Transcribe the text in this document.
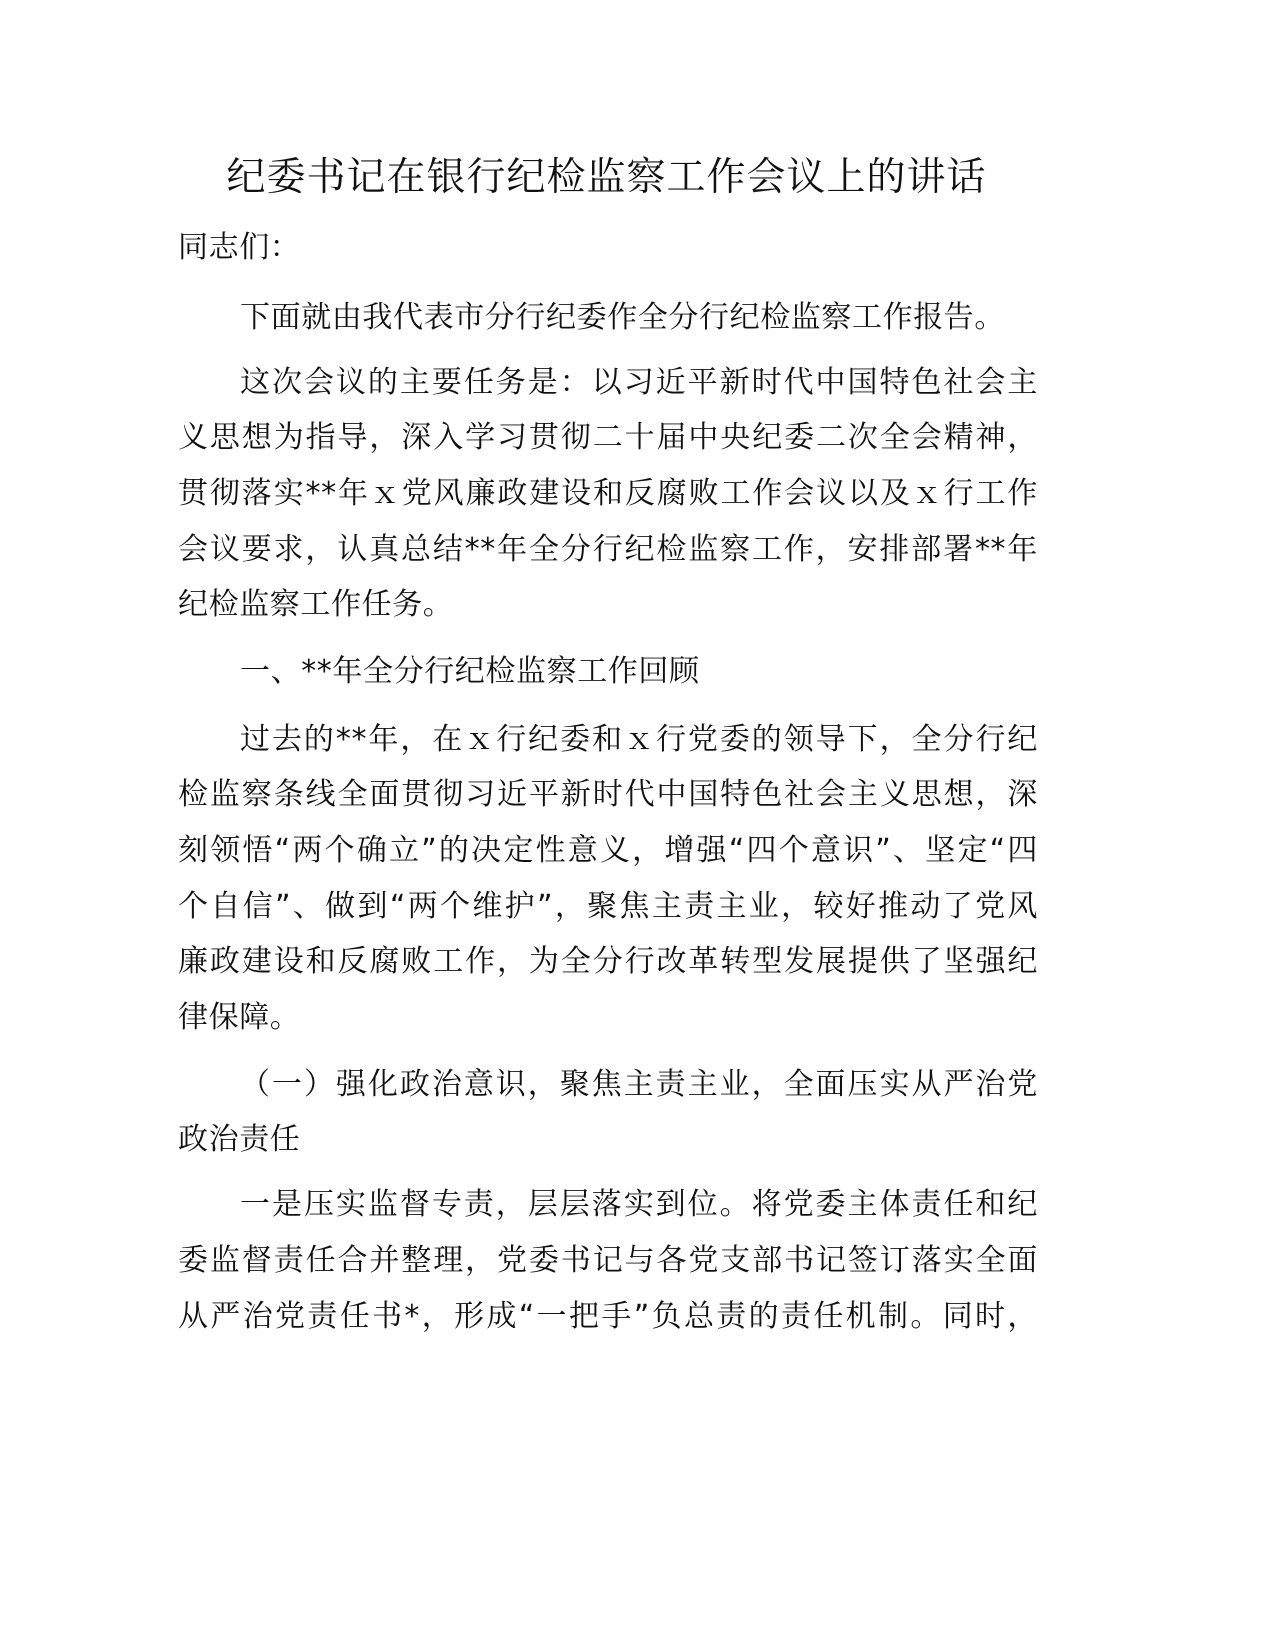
纪委书记在银行纪检监察工作会议上的讲话
同志们：
下面就由我代表市分行纪委作全分行纪检监察工作报告。
这次会议的主要任务是：以习近平新时代中国特色社会主
义思想为指导，深入学习贯彻二十届中央纪委二次全会精神，
贯彻落实**年ｘ党风廉政建设和反腐败工作会议以及ｘ行工作
会议要求，认真总结**年全分行纪检监察工作，安排部署**年
纪检监察工作任务。
一、**年全分行纪检监察工作回顾
过去的**年，在ｘ行纪委和ｘ行党委的领导下，全分行纪
检监察条线全面贯彻习近平新时代中国特色社会主义思想，深
刻领悟“两个确立”的决定性意义，增强“四个意识”、坚定“四
个自信”、做到“两个维护”，聚焦主责主业，较好推动了党风
廉政建设和反腐败工作，为全分行改革转型发展提供了坚强纪
律保障。
（一）强化政治意识，聚焦主责主业，全面压实从严治党
政治责任
一是压实监督专责，层层落实到位。将党委主体责任和纪
委监督责任合并整理，党委书记与各党支部书记签订落实全面
从严治党责任书*，形成“一把手”负总责的责任机制。同时，
